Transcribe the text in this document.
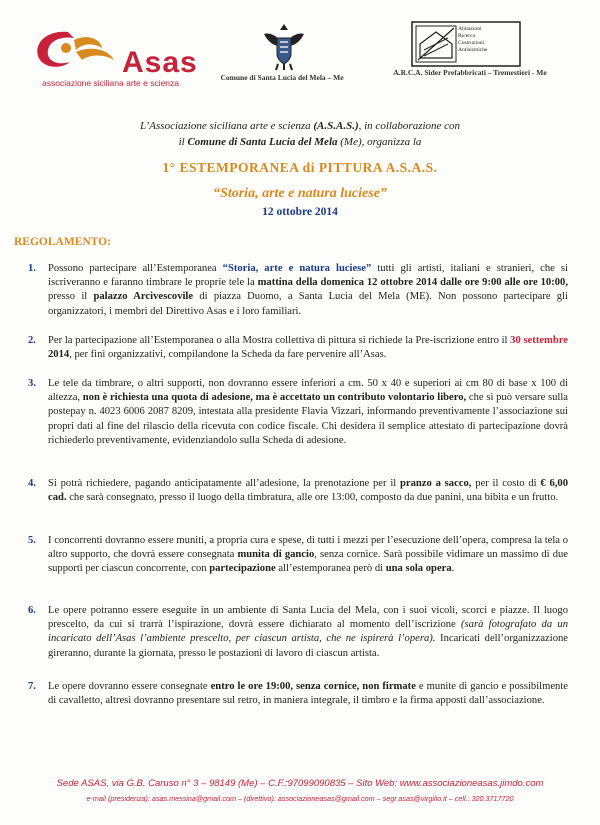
Asas
associazione siciliana arte e scienza
Comune di Santa Lucia del Mela – Me
Abitazioni
Ricerca
Costruzioni
Antisismiche
A.R.C.A. Sider Prefabbricati – Tremestieri - Me
L’Associazione siciliana arte e scienza (A.S.A.S.), in collaborazione con
il Comune di Santa Lucia del Mela (Me), organizza la
1° ESTEMPORANEA di PITTURA A.S.A.S.
“Storia, arte e natura luciese”
12 ottobre 2014
REGOLAMENTO:
1. Possono partecipare all’Estemporanea “Storia, arte e natura luciese” tutti gli artisti, italiani e stranieri, che si iscriveranno e faranno timbrare le proprie tele la mattina della domenica 12 ottobre 2014 dalle ore 9:00 alle ore 10:00, presso il palazzo Arcivescovile di piazza Duomo, a Santa Lucia del Mela (ME). Non possono partecipare gli organizzatori, i membri del Direttivo Asas e i loro familiari.
2. Per la partecipazione all’Estemporanea o alla Mostra collettiva di pittura si richiede la Pre-iscrizione entro il 30 settembre 2014, per fini organizzativi, compilandone la Scheda da fare pervenire all’Asas.
3. Le tele da timbrare, o altri supporti, non dovranno essere inferiori a cm. 50 x 40 e superiori ai cm 80 di base x 100 di altezza, non è richiesta una quota di adesione, ma è accettato un contributo volontario libero, che si può versare sulla postepay n. 4023 6006 2087 8209, intestata alla presidente Flavia Vizzari, informando preventivamente l’associazione sui propri dati al fine del rilascio della ricevuta con codice fiscale. Chi desidera il semplice attestato di partecipazione dovrà richiederlo preventivamente, evidenziandolo sulla Scheda di adesione.
4. Si potrà richiedere, pagando anticipatamente all’adesione, la prenotazione per il pranzo a sacco, per il costo di € 6,00 cad. che sarà consegnato, presso il luogo della timbratura, alle ore 13:00, composto da due panini, una bibita e un frutto.
5. I concorrenti dovranno essere muniti, a propria cura e spese, di tutti i mezzi per l’esecuzione dell’opera, compresa la tela o altro supporto, che dovrà essere consegnata munita di gancio, senza cornice. Sarà possibile vidimare un massimo di due supporti per ciascun concorrente, con partecipazione all’estemporanea però di una sola opera.
6. Le opere potranno essere eseguite in un ambiente di Santa Lucia del Mela, con i suoi vicoli, scorci e piazze. Il luogo prescelto, da cui si trarrà l’ispirazione, dovrà essere dichiarato al momento dell’iscrizione (sarà fotografato da un incaricato dell’Asas l’ambiente prescelto, per ciascun artista, che ne ispirerà l’opera). Incaricati dell’organizzazione gireranno, durante la giornata, presso le postazioni di lavoro di ciascun artista.
7. Le opere dovranno essere consegnate entro le ore 19:00, senza cornice, non firmate e munite di gancio e possibilmente di cavalletto, altresì dovranno presentare sul retro, in maniera integrale, il timbro e la firma apposti dall’associazione.
Sede ASAS, via G.B. Caruso n° 3 – 98149 (Me) – C.F.:97099090835 – Sito Web: www.associazioneasas.jimdo.com
e-mail (presidenza): asas.messina@gmail.com – (direttivo): associazioneasas@gmail.com – segr.asas@virgilio.it – cell.: 320.3717720
